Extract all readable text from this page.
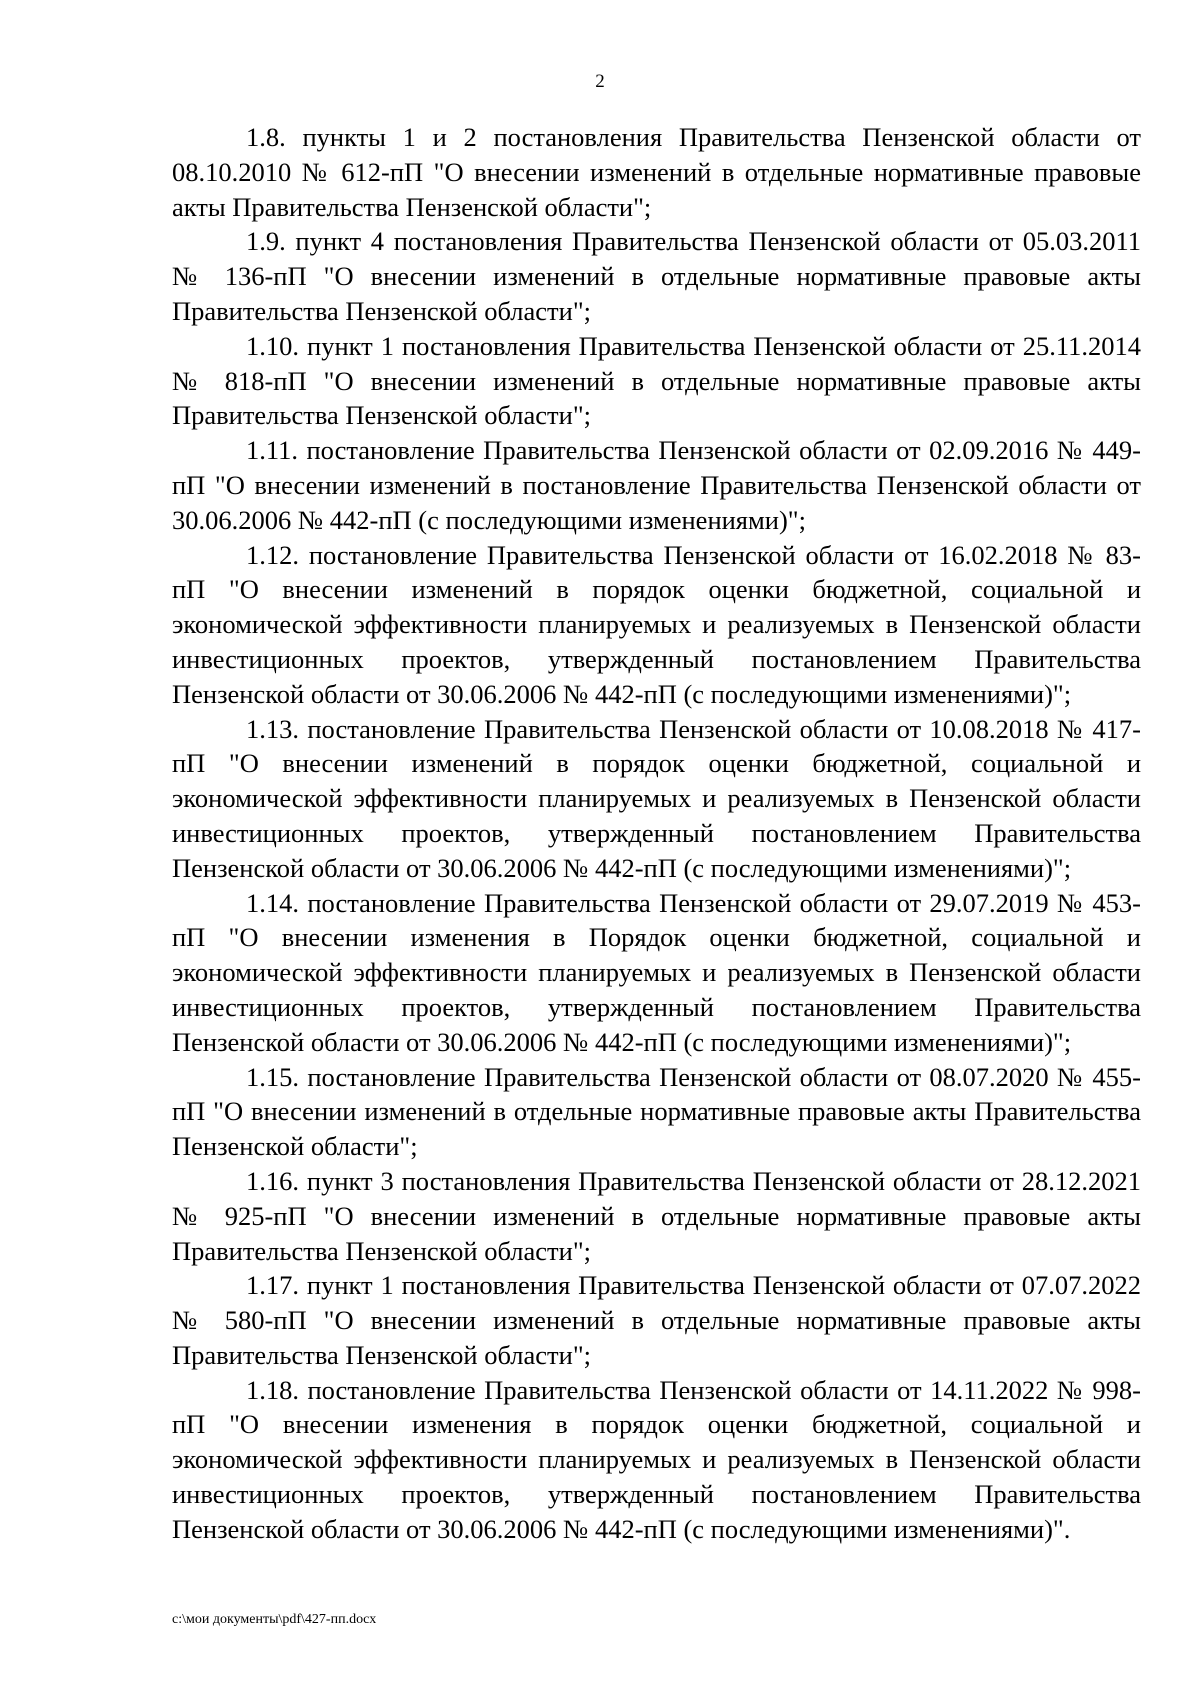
2

1.8. пункты 1 и 2 постановления Правительства Пензенской области от 08.10.2010 № 612-пП "О внесении изменений в отдельные нормативные правовые акты Правительства Пензенской области";

1.9. пункт 4 постановления Правительства Пензенской области от 05.03.2011 № 136-пП "О внесении изменений в отдельные нормативные правовые акты Правительства Пензенской области";

1.10. пункт 1 постановления Правительства Пензенской области от 25.11.2014 № 818-пП "О внесении изменений в отдельные нормативные правовые акты Правительства Пензенской области";

1.11. постановление Правительства Пензенской области от 02.09.2016 № 449-пП "О внесении изменений в постановление Правительства Пензенской области от 30.06.2006 № 442-пП (с последующими изменениями)";

1.12. постановление Правительства Пензенской области от 16.02.2018 № 83-пП "О внесении изменений в порядок оценки бюджетной, социальной и экономической эффективности планируемых и реализуемых в Пензенской области инвестиционных проектов, утвержденный постановлением Правительства Пензенской области от 30.06.2006 № 442-пП (с последующими изменениями)";

1.13. постановление Правительства Пензенской области от 10.08.2018 № 417-пП "О внесении изменений в порядок оценки бюджетной, социальной и экономической эффективности планируемых и реализуемых в Пензенской области инвестиционных проектов, утвержденный постановлением Правительства Пензенской области от 30.06.2006 № 442-пП (с последующими изменениями)";

1.14. постановление Правительства Пензенской области от 29.07.2019 № 453-пП "О внесении изменения в Порядок оценки бюджетной, социальной и экономической эффективности планируемых и реализуемых в Пензенской области инвестиционных проектов, утвержденный постановлением Правительства Пензенской области от 30.06.2006 № 442-пП (с последующими изменениями)";

1.15. постановление Правительства Пензенской области от 08.07.2020 № 455-пП "О внесении изменений в отдельные нормативные правовые акты Правительства Пензенской области";

1.16. пункт 3 постановления Правительства Пензенской области от 28.12.2021 № 925-пП "О внесении изменений в отдельные нормативные правовые акты Правительства Пензенской области";

1.17. пункт 1 постановления Правительства Пензенской области от 07.07.2022 № 580-пП "О внесении изменений в отдельные нормативные правовые акты Правительства Пензенской области";

1.18. постановление Правительства Пензенской области от 14.11.2022 № 998-пП "О внесении изменения в порядок оценки бюджетной, социальной и экономической эффективности планируемых и реализуемых в Пензенской области инвестиционных проектов, утвержденный постановлением Правительства Пензенской области от 30.06.2006 № 442-пП (с последующими изменениями)".

c:\мои документы\pdf\427-пп.docx
